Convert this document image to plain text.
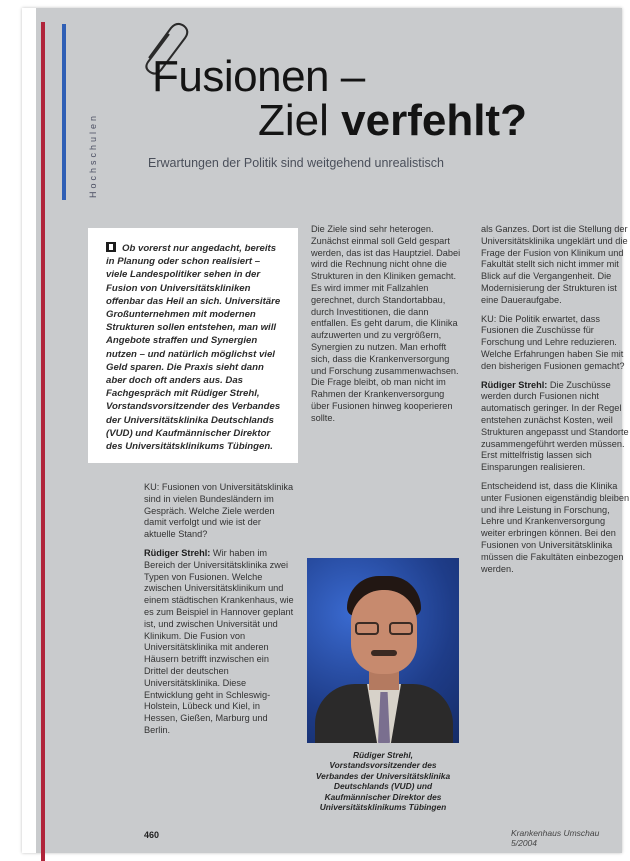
Hochschulen
Fusionen –
Ziel verfehlt?
Erwartungen der Politik sind weitgehend unrealistisch
Ob vorerst nur angedacht, bereits in Planung oder schon realisiert – viele Landespolitiker sehen in der Fusion von Universitätskliniken offenbar das Heil an sich. Universitäre Großunternehmen mit modernen Strukturen sollen entstehen, man will Angebote straffen und Synergien nutzen – und natürlich möglichst viel Geld sparen. Die Praxis sieht dann aber doch oft anders aus. Das Fachgespräch mit Rüdiger Strehl, Vorstandsvorsitzender des Verbandes der Universitätsklinika Deutschlands (VUD) und Kaufmännischer Direktor des Universitätsklinikums Tübingen.

KU: Fusionen von Universitätsklinika sind in vielen Bundesländern im Gespräch. Welche Ziele werden damit verfolgt und wie ist der aktuelle Stand?

Rüdiger Strehl: Wir haben im Bereich der Universitätsklinika zwei Typen von Fusionen. Welche zwischen Universitätsklinikum und einem städtischen Krankenhaus, wie es zum Beispiel in Hannover geplant ist, und zwischen Universität und Klinikum. Die Fusion von Universitätsklinika mit anderen Häusern betrifft inzwischen ein Drittel der deutschen Universitätsklinika. Diese Entwicklung geht in Schleswig-Holstein, Lübeck und Kiel, in Hessen, Gießen, Marburg und Berlin.

Die Ziele sind sehr heterogen. Zunächst einmal soll Geld gespart werden, das ist das Hauptziel. Dabei wird die Rechnung nicht ohne die Strukturen in den Kliniken gemacht. Es wird immer mit Fallzahlen gerechnet, durch Standortabbau, durch Investitionen, die dann entfallen. Es geht darum, die Klinika aufzuwerten und zu vergrößern, Synergien zu nutzen. Man erhofft sich, dass die Krankenversorgung und Forschung zusammenwachsen. Die Frage bleibt, ob man nicht im Rahmen der Krankenversorgung über Fusionen hinweg kooperieren sollte.

als Ganzes. Dort ist die Stellung der Universitätsklinika ungeklärt und die Frage der Fusion von Klinikum und Fakultät stellt sich nicht immer mit Blick auf die Vergangenheit. Die Modernisierung der Strukturen ist eine Daueraufgabe.

KU: Die Politik erwartet, dass Fusionen die Zuschüsse für Forschung und Lehre reduzieren. Welche Erfahrungen haben Sie mit den bisherigen Fusionen gemacht?

Rüdiger Strehl: Die Zuschüsse werden durch Fusionen nicht automatisch geringer. In der Regel entstehen zunächst Kosten, weil Strukturen angepasst und Standorte zusammengeführt werden müssen. Erst mittelfristig lassen sich Einsparungen realisieren.

Entscheidend ist, dass die Klinika unter Fusionen eigenständig bleiben und ihre Leistung in Forschung, Lehre und Krankenversorgung weiter erbringen können. Bei den Fusionen von Universitätsklinika müssen die Fakultäten einbezogen werden.

Rüdiger Strehl, Vorstandsvorsitzender des Verbandes der Universitätsklinika Deutschlands (VUD) und Kaufmännischer Direktor des Universitätsklinikums Tübingen
460	Krankenhaus Umschau 5/2004
